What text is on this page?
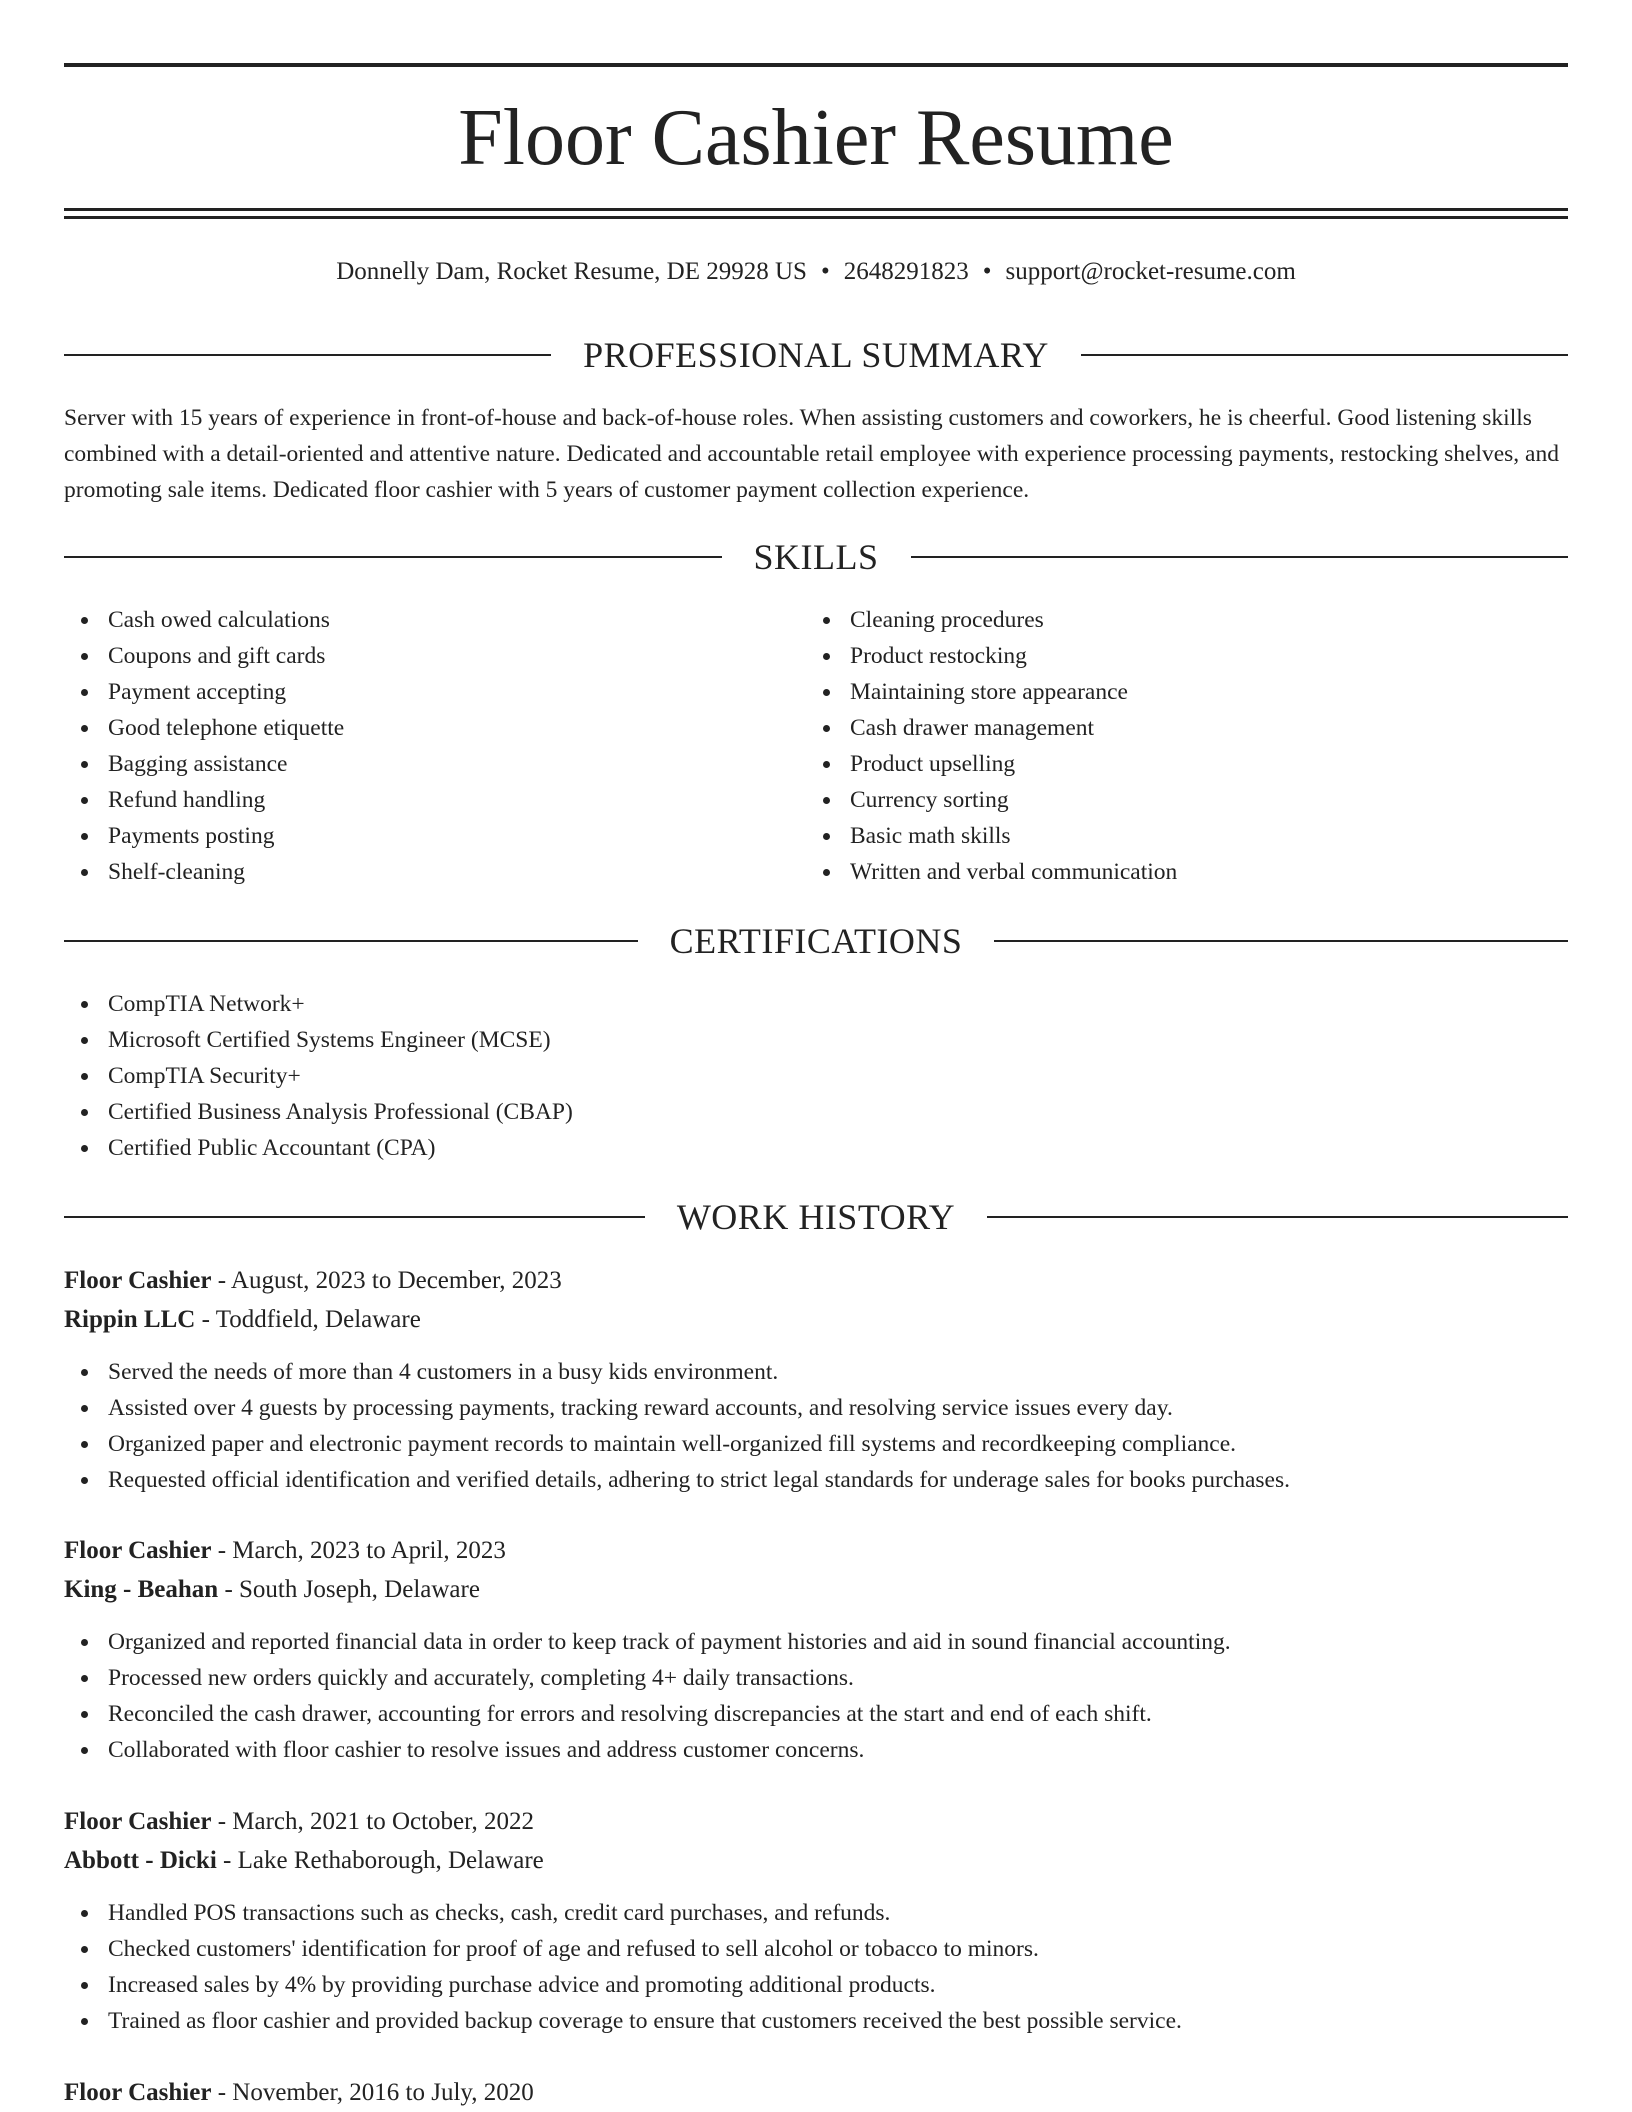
Floor Cashier Resume
Donnelly Dam, Rocket Resume, DE 29928 US • 2648291823 • support@rocket-resume.com
PROFESSIONAL SUMMARY
Server with 15 years of experience in front-of-house and back-of-house roles. When assisting customers and coworkers, he is cheerful. Good listening skills combined with a detail-oriented and attentive nature. Dedicated and accountable retail employee with experience processing payments, restocking shelves, and promoting sale items. Dedicated floor cashier with 5 years of customer payment collection experience.
SKILLS
Cash owed calculations
Coupons and gift cards
Payment accepting
Good telephone etiquette
Bagging assistance
Refund handling
Payments posting
Shelf-cleaning
Cleaning procedures
Product restocking
Maintaining store appearance
Cash drawer management
Product upselling
Currency sorting
Basic math skills
Written and verbal communication
CERTIFICATIONS
CompTIA Network+
Microsoft Certified Systems Engineer (MCSE)
CompTIA Security+
Certified Business Analysis Professional (CBAP)
Certified Public Accountant (CPA)
WORK HISTORY
Floor Cashier - August, 2023 to December, 2023
Rippin LLC - Toddfield, Delaware
Served the needs of more than 4 customers in a busy kids environment.
Assisted over 4 guests by processing payments, tracking reward accounts, and resolving service issues every day.
Organized paper and electronic payment records to maintain well-organized fill systems and recordkeeping compliance.
Requested official identification and verified details, adhering to strict legal standards for underage sales for books purchases.
Floor Cashier - March, 2023 to April, 2023
King - Beahan - South Joseph, Delaware
Organized and reported financial data in order to keep track of payment histories and aid in sound financial accounting.
Processed new orders quickly and accurately, completing 4+ daily transactions.
Reconciled the cash drawer, accounting for errors and resolving discrepancies at the start and end of each shift.
Collaborated with floor cashier to resolve issues and address customer concerns.
Floor Cashier - March, 2021 to October, 2022
Abbott - Dicki - Lake Rethaborough, Delaware
Handled POS transactions such as checks, cash, credit card purchases, and refunds.
Checked customers' identification for proof of age and refused to sell alcohol or tobacco to minors.
Increased sales by 4% by providing purchase advice and promoting additional products.
Trained as floor cashier and provided backup coverage to ensure that customers received the best possible service.
Floor Cashier - November, 2016 to July, 2020
